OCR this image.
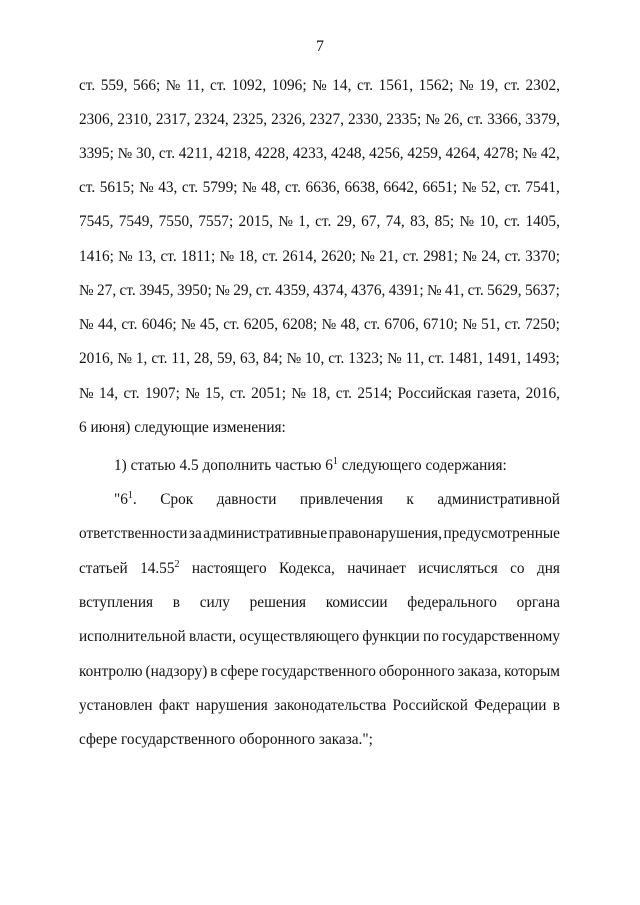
7
ст. 559, 566; № 11, ст. 1092, 1096; № 14, ст. 1561, 1562; № 19, ст. 2302,
2306, 2310, 2317, 2324, 2325, 2326, 2327, 2330, 2335; № 26, ст. 3366, 3379,
3395; № 30, ст. 4211, 4218, 4228, 4233, 4248, 4256, 4259, 4264, 4278; № 42,
ст. 5615; № 43, ст. 5799; № 48, ст. 6636, 6638, 6642, 6651; № 52, ст. 7541,
7545, 7549, 7550, 7557; 2015, № 1, ст. 29, 67, 74, 83, 85; № 10, ст. 1405,
1416; № 13, ст. 1811; № 18, ст. 2614, 2620; № 21, ст. 2981; № 24, ст. 3370;
№ 27, ст. 3945, 3950; № 29, ст. 4359, 4374, 4376, 4391; № 41, ст. 5629, 5637;
№ 44, ст. 6046; № 45, ст. 6205, 6208; № 48, ст. 6706, 6710; № 51, ст. 7250;
2016, № 1, ст. 11, 28, 59, 63, 84; № 10, ст. 1323; № 11, ст. 1481, 1491, 1493;
№ 14, ст. 1907; № 15, ст. 2051; № 18, ст. 2514; Российская газета, 2016,
6 июня) следующие изменения:
1) статью 4.5 дополнить частью $6^1$ следующего содержания:
"$6^1$. Срок давности привлечения к административной
ответственности за административные правонарушения, предусмотренные
статьей 14.55$^2$ настоящего Кодекса, начинает исчисляться со дня
вступления в силу решения комиссии федерального органа
исполнительной власти, осуществляющего функции по государственному
контролю (надзору) в сфере государственного оборонного заказа, которым
установлен факт нарушения законодательства Российской Федерации в
сфере государственного оборонного заказа.";
